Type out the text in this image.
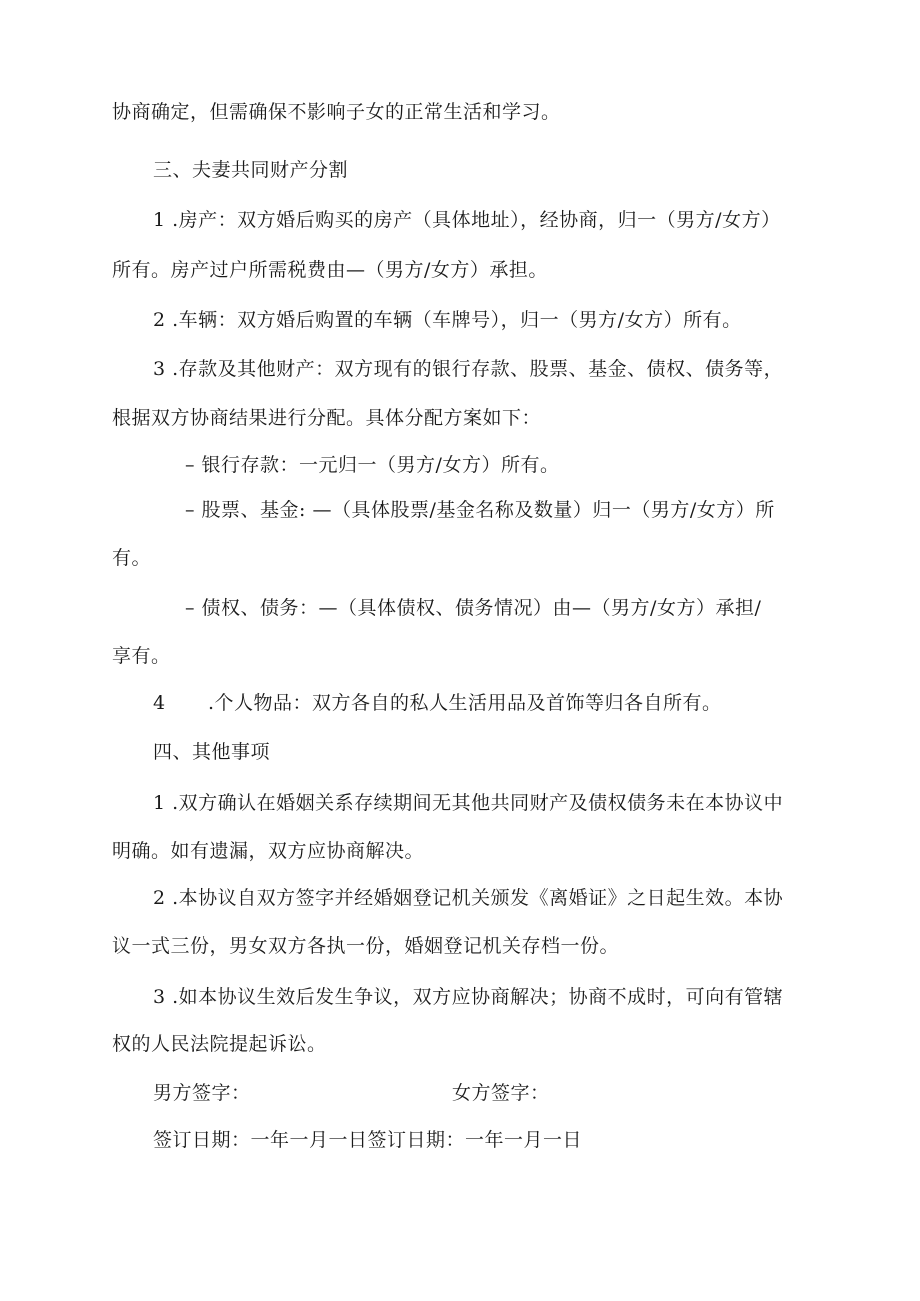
协商确定，但需确保不影响子女的正常生活和学习。
三、夫妻共同财产分割
1 .房产：双方婚后购买的房产（具体地址），经协商，归一（男方/女方）
所有。房产过户所需税费由—（男方/女方）承担。
2 .车辆：双方婚后购置的车辆（车牌号），归一（男方/女方）所有。
3 .存款及其他财产：双方现有的银行存款、股票、基金、债权、债务等，
根据双方协商结果进行分配。具体分配方案如下：
– 银行存款：一元归一（男方/女方）所有。
– 股票、基金: —（具体股票/基金名称及数量）归一（男方/女方）所
有。
– 债权、债务：—（具体债权、债务情况）由—（男方/女方）承担/
享有。
4 .个人物品：双方各自的私人生活用品及首饰等归各自所有。
四、其他事项
1 .双方确认在婚姻关系存续期间无其他共同财产及债权债务未在本协议中
明确。如有遗漏，双方应协商解决。
2 .本协议自双方签字并经婚姻登记机关颁发《离婚证》之日起生效。本协
议一式三份，男女双方各执一份，婚姻登记机关存档一份。
3 .如本协议生效后发生争议，双方应协商解决；协商不成时，可向有管辖
权的人民法院提起诉讼。
男方签字：	女方签字：
签订日期：一年一月一日签订日期：一年一月一日
